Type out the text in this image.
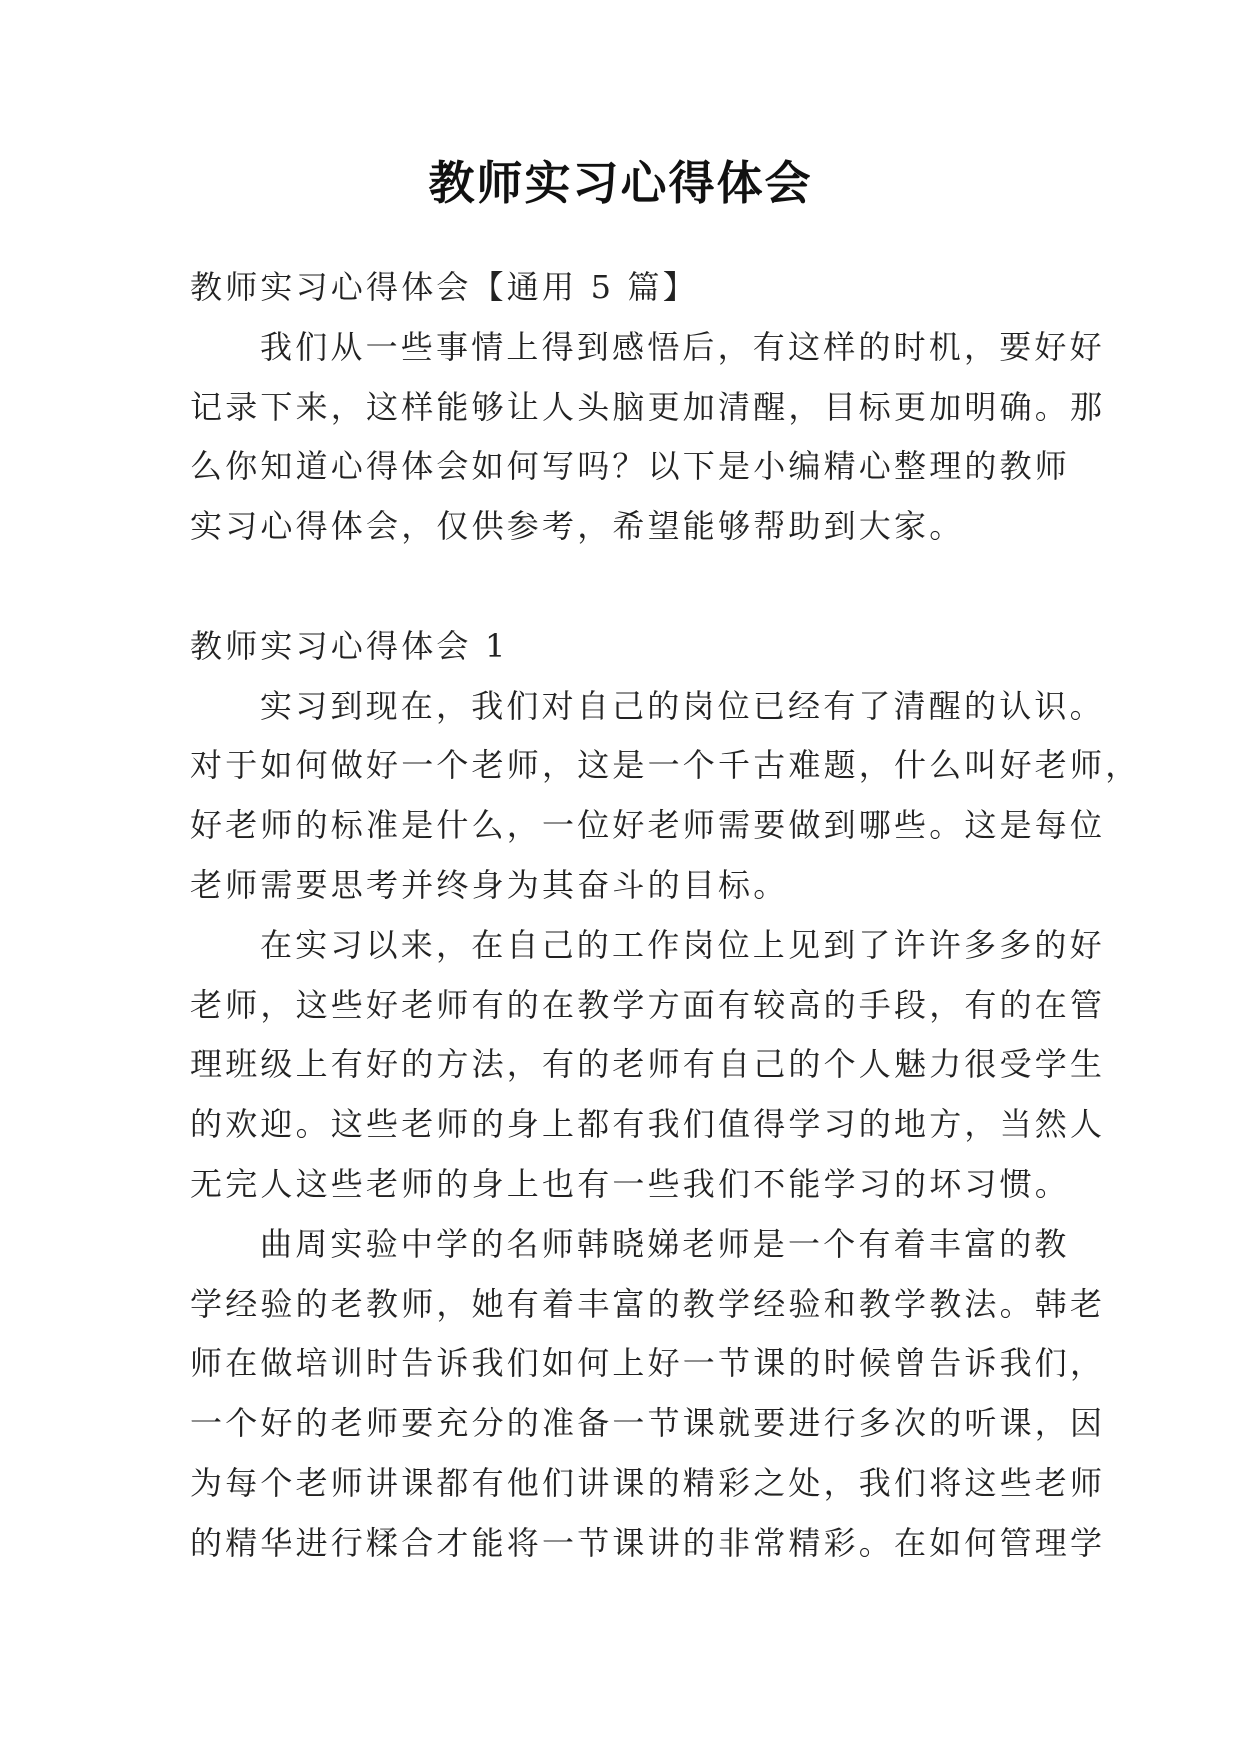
教师实习心得体会
教师实习心得体会【通用 5 篇】
我们从一些事情上得到感悟后，有这样的时机，要好好
记录下来，这样能够让人头脑更加清醒，目标更加明确。那
么你知道心得体会如何写吗？以下是小编精心整理的教师
实习心得体会，仅供参考，希望能够帮助到大家。
教师实习心得体会 1
实习到现在，我们对自己的岗位已经有了清醒的认识。
对于如何做好一个老师，这是一个千古难题，什么叫好老师，
好老师的标准是什么，一位好老师需要做到哪些。这是每位
老师需要思考并终身为其奋斗的目标。
在实习以来，在自己的工作岗位上见到了许许多多的好
老师，这些好老师有的在教学方面有较高的手段，有的在管
理班级上有好的方法，有的老师有自己的个人魅力很受学生
的欢迎。这些老师的身上都有我们值得学习的地方，当然人
无完人这些老师的身上也有一些我们不能学习的坏习惯。
曲周实验中学的名师韩晓娣老师是一个有着丰富的教
学经验的老教师，她有着丰富的教学经验和教学教法。韩老
师在做培训时告诉我们如何上好一节课的时候曾告诉我们，
一个好的老师要充分的准备一节课就要进行多次的听课，因
为每个老师讲课都有他们讲课的精彩之处，我们将这些老师
的精华进行糅合才能将一节课讲的非常精彩。在如何管理学
